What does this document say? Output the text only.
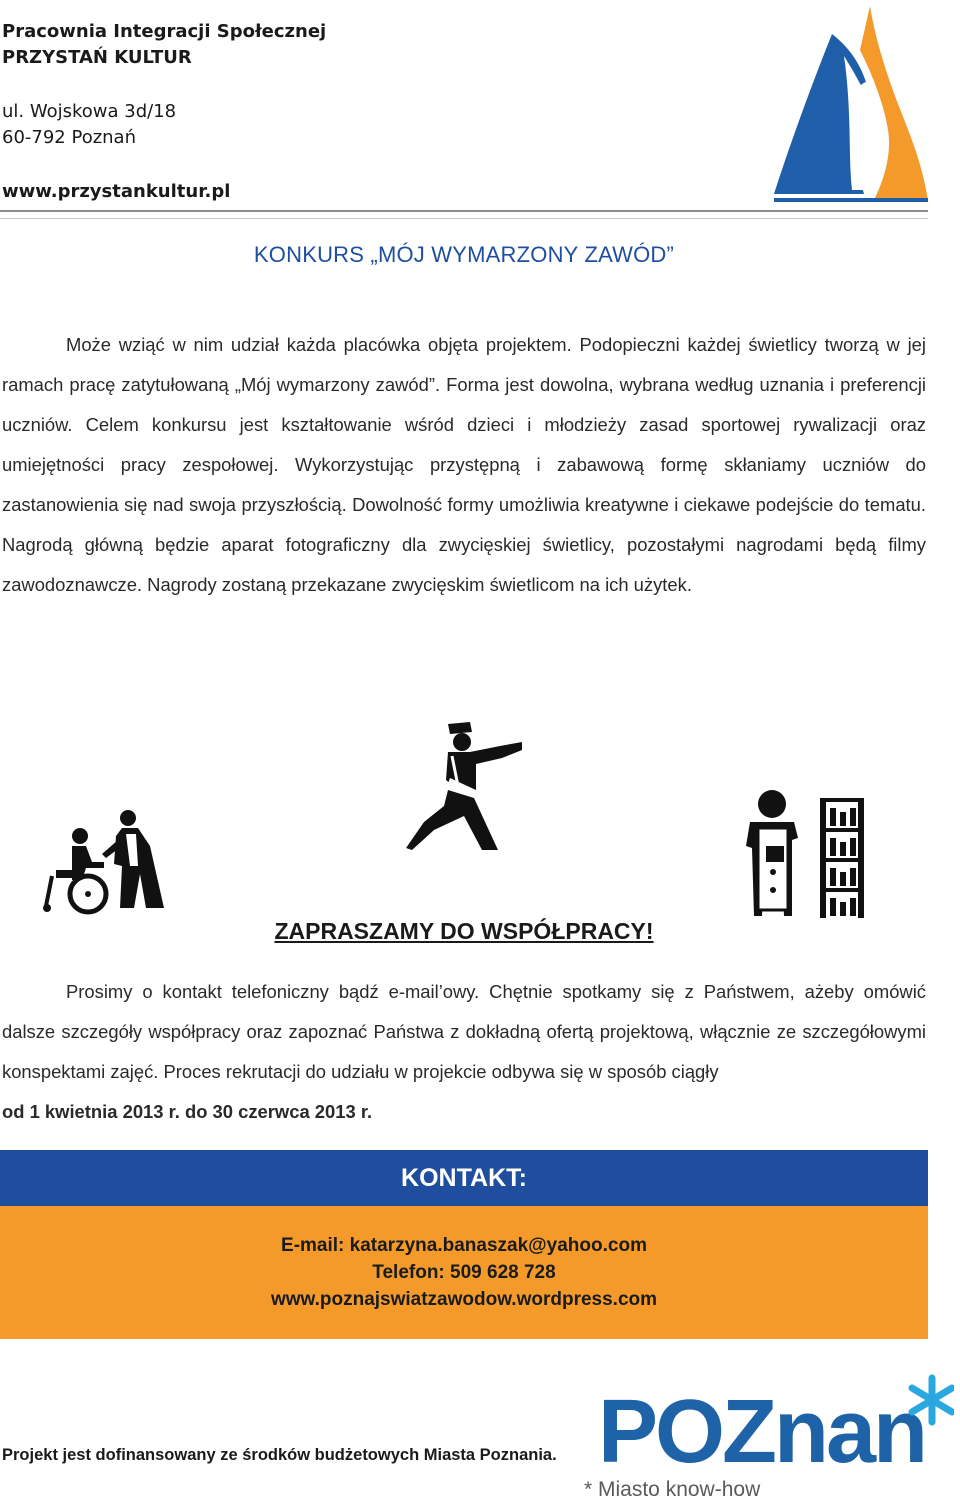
Pracownia Integracji Społecznej
PRZYSTAŃ KULTUR
ul. Wojskowa 3d/18
60-792 Poznań
www.przystankultur.pl
KONKURS „MÓJ WYMARZONY ZAWÓD”

Może wziąć w nim udział każda placówka objęta projektem. Podopieczni każdej świetlicy tworzą w jej ramach pracę zatytułowaną „Mój wymarzony zawód”. Forma jest dowolna, wybrana według uznania i preferencji uczniów. Celem konkursu jest kształtowanie wśród dzieci i młodzieży zasad sportowej rywalizacji oraz umiejętności pracy zespołowej. Wykorzystując przystępną i zabawową formę skłaniamy uczniów do zastanowienia się nad swoja przyszłością. Dowolność formy umożliwia kreatywne i ciekawe podejście do tematu. Nagrodą główną będzie aparat fotograficzny dla zwycięskiej świetlicy, pozostałymi nagrodami będą filmy zawodoznawcze. Nagrody zostaną przekazane zwycięskim świetlicom na ich użytek.

ZAPRASZAMY DO WSPÓŁPRACY!

Prosimy o kontakt telefoniczny bądź e-mail’owy. Chętnie spotkamy się z Państwem, ażeby omówić dalsze szczegóły współpracy oraz zapoznać Państwa z dokładną ofertą projektową, włącznie ze szczegółowymi konspektami zajęć. Proces rekrutacji do udziału w projekcie odbywa się w sposób ciągły
od 1 kwietnia 2013 r. do 30 czerwca 2013 r.

KONTAKT:
E-mail: katarzyna.banaszak@yahoo.com
Telefon: 509 628 728
www.poznajswiatzawodow.wordpress.com
Projekt jest dofinansowany ze środków budżetowych Miasta Poznania. POZnan
* Miasto know-how
